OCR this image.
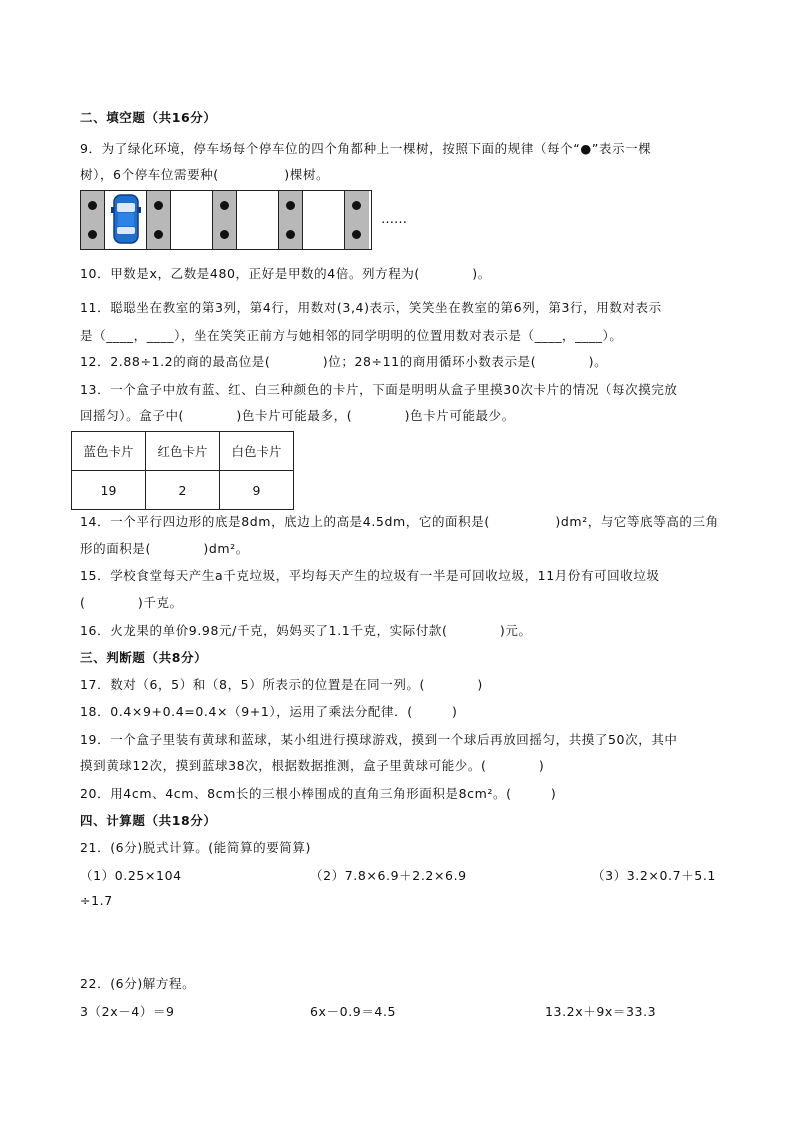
二、填空题（共16分）
9．为了绿化环境，停车场每个停车位的四个角都种上一棵树，按照下面的规律（每个“●”表示一棵
树），6个停车位需要种(　　　　　)棵树。
……
10．甲数是x，乙数是480，正好是甲数的4倍。列方程为(　　　　)。
11．聪聪坐在教室的第3列，第4行，用数对(3,4)表示，笑笑坐在教室的第6列，第3行，用数对表示
是（____，____），坐在笑笑正前方与她相邻的同学明明的位置用数对表示是（____，____）。
12．2.88÷1.2的商的最高位是(　　　　)位；28÷11的商用循环小数表示是(　　　　)。
13．一个盒子中放有蓝、红、白三种颜色的卡片，下面是明明从盒子里摸30次卡片的情况（每次摸完放
回摇匀）。盒子中(　　　　)色卡片可能最多，(　　　　)色卡片可能最少。
蓝色卡片	红色卡片	白色卡片
19	2	9
14．一个平行四边形的底是8dm，底边上的高是4.5dm，它的面积是(　　　　　)dm²，与它等底等高的三角
形的面积是(　　　　)dm²。
15．学校食堂每天产生a千克垃圾，平均每天产生的垃圾有一半是可回收垃圾，11月份有可回收垃圾
(　　　　)千克。
16．火龙果的单价9.98元/千克，妈妈买了1.1千克，实际付款(　　　　)元。
三、判断题（共8分）
17．数对（6，5）和（8，5）所表示的位置是在同一列。(　　　　)
18．0.4×9+0.4=0.4×（9+1），运用了乘法分配律．(　　　)
19．一个盒子里装有黄球和蓝球，某小组进行摸球游戏，摸到一个球后再放回摇匀，共摸了50次，其中
摸到黄球12次，摸到蓝球38次，根据数据推测，盒子里黄球可能少。(　　　　)
20．用4cm、4cm、8cm长的三根小棒围成的直角三角形面积是8cm²。(　　　)
四、计算题（共18分）
21．(6分)脱式计算。(能简算的要简算)
（1）0.25×104	（2）7.8×6.9＋2.2×6.9	（3）3.2×0.7＋5.1
÷1.7
22．(6分)解方程。
3（2x－4）＝9	6x－0.9＝4.5	13.2x＋9x＝33.3
